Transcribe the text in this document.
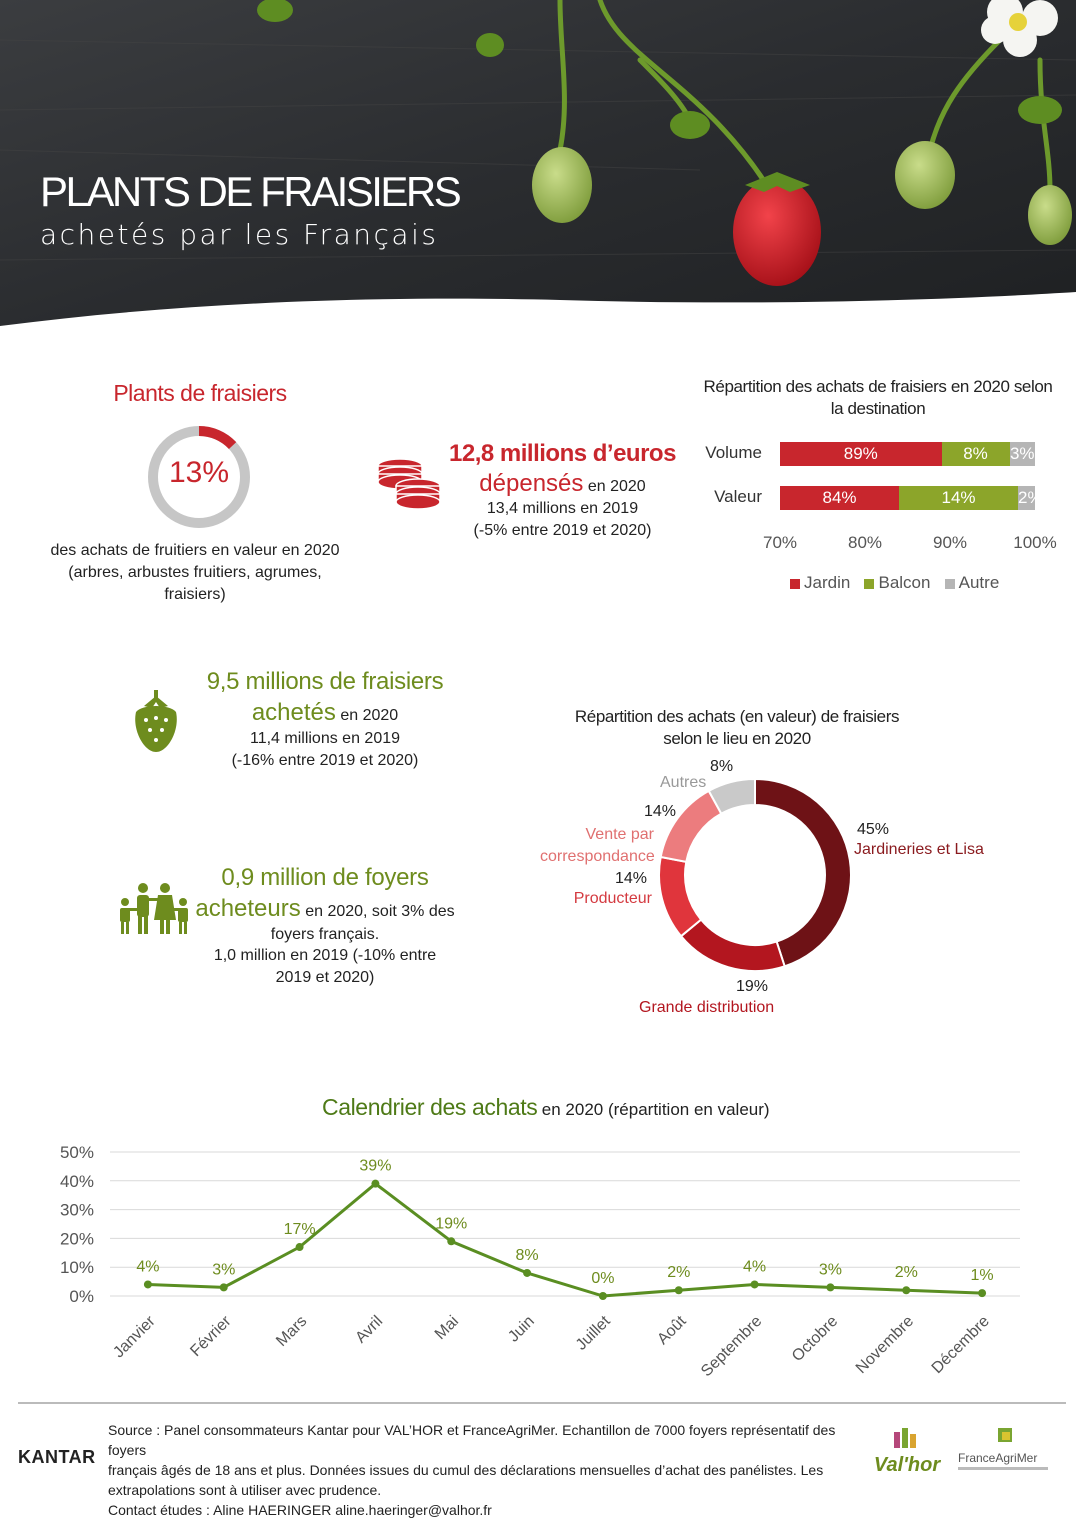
PLANTS DE FRAISIERS
achetés par les Français
Plants de fraisiers
13%
des achats de fruitiers en valeur en 2020 (arbres, arbustes fruitiers, agrumes, fraisiers)
12,8 millions d’euros
dépensés en 2020
13,4 millions en 2019
(-5% entre 2019 et 2020)
Répartition des achats de fraisiers en 2020 selon la destination
Volume	89%	8%	3%
Valeur	84%	14%	2%
70%	80%	90%	100%
Jardin Balcon Autre
9,5 millions de fraisiers
achetés en 2020
11,4 millions en 2019
(-16% entre 2019 et 2020)
0,9 million de foyers
acheteurs en 2020, soit 3% des
foyers français.
1,0 million en 2019 (-10% entre
2019 et 2020)
Répartition des achats (en valeur) de fraisiers selon le lieu en 2020
8%
Autres
14%
Vente par correspondance
14%
Producteur
45%
Jardineries et Lisa
19%
Grande distribution
Calendrier des achats en 2020 (répartition en valeur)
50%
40%
30%
20%
10%
0%
4%
Janvier
3%
Février
17%
Mars
39%
Avril
19%
Mai
8%
Juin
0%
Juillet
2%
Août
4%
Septembre
3%
Octobre
2%
Novembre
1%
Décembre
KANTAR
Source : Panel consommateurs Kantar pour VAL’HOR et FranceAgriMer. Echantillon de 7000 foyers représentatif des foyers
français âgés de 18 ans et plus. Données issues du cumul des déclarations mensuelles d’achat des panélistes. Les
extrapolations sont à utiliser avec prudence.
Contact études : Aline HAERINGER aline.haeringer@valhor.fr
Val'hor FranceAgriMer
